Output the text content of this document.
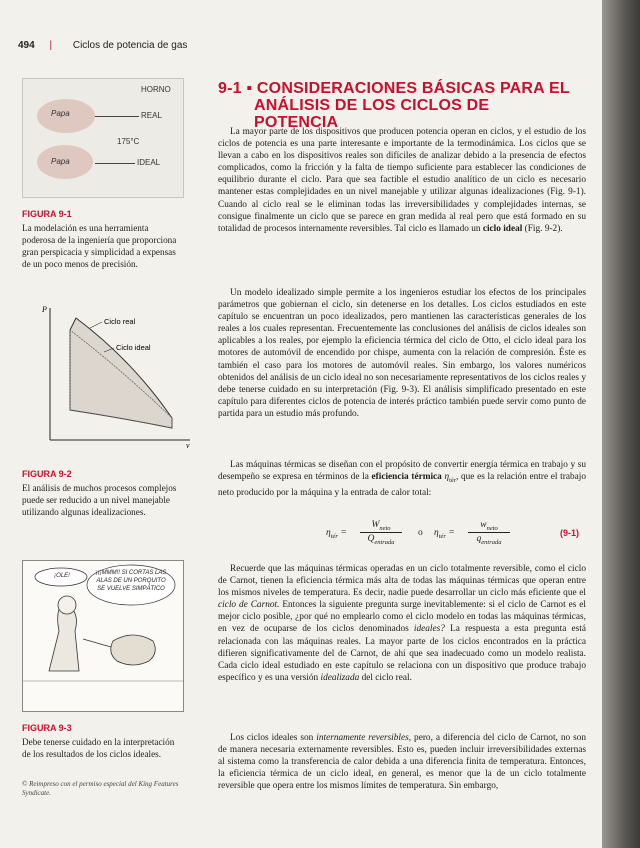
494 | Ciclos de potencia de gas
Papa
Papa
HORNO
REAL
175°C
IDEAL
FIGURA 9-1
La modelación es una herramienta poderosa de la ingeniería que proporciona gran perspicacia y simplicidad a expensas de un poco menos de precisión.
P
v
Ciclo real
Ciclo ideal
FIGURA 9-2
El análisis de muchos procesos complejos puede ser reducido a un nivel manejable utilizando algunas idealizaciones.
¡OLE!	¡¡¡MMM!! SI CORTAS LAS ALAS DE UN PORQUITO SE VUELVE SIMPÁTICO
FIGURA 9-3
Debe tenerse cuidado en la interpretación de los resultados de los ciclos ideales.
© Reimpreso con el permiso especial del King Features Syndicate.
9-1 ▪ CONSIDERACIONES BÁSICAS PARA EL
ANÁLISIS DE LOS CICLOS DE POTENCIA

La mayor parte de los dispositivos que producen potencia operan en ciclos, y el estudio de los ciclos de potencia es una parte interesante e importante de la termodinámica. Los ciclos que se llevan a cabo en los dispositivos reales son difíciles de analizar debido a la presencia de efectos complicados, como la fricción y la falta de tiempo suficiente para establecer las condiciones de equilibrio durante el ciclo. Para que sea factible el estudio analítico de un ciclo es necesario mantener estas complejidades en un nivel manejable y utilizar algunas idealizaciones (Fig. 9-1). Cuando al ciclo real se le eliminan todas las irreversibilidades y complejidades internas, se consigue finalmente un ciclo que se parece en gran medida al real pero que está formado en su totalidad de procesos internamente reversibles. Tal ciclo es llamado un ciclo ideal (Fig. 9-2).

Un modelo idealizado simple permite a los ingenieros estudiar los efectos de los principales parámetros que gobiernan el ciclo, sin detenerse en los detalles. Los ciclos estudiados en este capítulo se encuentran un poco idealizados, pero mantienen las características generales de los reales a los cuales representan. Frecuentemente las conclusiones del análisis de ciclos ideales son aplicables a los reales, por ejemplo la eficiencia térmica del ciclo de Otto, el ciclo ideal para los motores de automóvil de encendido por chispe, aumenta con la relación de compresión. Éste es también el caso para los motores de automóvil reales. Sin embargo, los valores numéricos obtenidos del análisis de un ciclo ideal no son necesariamente representativos de los ciclos reales y debe tenerse cuidado en su interpretación (Fig. 9-3). El análisis simplificado presentado en este capítulo para diferentes ciclos de potencia de interés práctico también puede servir como punto de partida para un estudio más profundo.

Las máquinas térmicas se diseñan con el propósito de convertir energía térmica en trabajo y su desempeño se expresa en términos de la eficiencia térmica $\eta_{tér}$, que es la relación entre el trabajo neto producido por la máquina y la entrada de calor total:

$\eta_{tér}$ =
$W_{neto}$
$Q_{entrada}$
o $\eta_{tér}$ =
$w_{neto}$
$q_{entrada}$
(9-1)

Recuerde que las máquinas térmicas operadas en un ciclo totalmente reversible, como el ciclo de Carnot, tienen la eficiencia térmica más alta de todas las máquinas térmicas que operan entre los mismos niveles de temperatura. Es decir, nadie puede desarrollar un ciclo más eficiente que el ciclo de Carnot. Entonces la siguiente pregunta surge inevitablemente: si el ciclo de Carnot es el mejor ciclo posible, ¿por qué no emplearlo como el ciclo modelo en todas las máquinas térmicas, en vez de ocuparse de los ciclos denominados ideales? La respuesta a esta pregunta está relacionada con las máquinas reales. La mayor parte de los ciclos encontrados en la práctica difieren significativamente del de Carnot, de ahí que sea inadecuado como un modelo realista. Cada ciclo ideal estudiado en este capítulo se relaciona con un dispositivo que produce trabajo específico y es una versión idealizada del ciclo real.

Los ciclos ideales son internamente reversibles, pero, a diferencia del ciclo de Carnot, no son de manera necesaria externamente reversibles. Esto es, pueden incluir irreversibilidades externas al sistema como la transferencia de calor debida a una diferencia finita de temperatura. Entonces, la eficiencia térmica de un ciclo ideal, en general, es menor que la de un ciclo totalmente reversible que opera entre los mismos límites de temperatura. Sin embargo,
